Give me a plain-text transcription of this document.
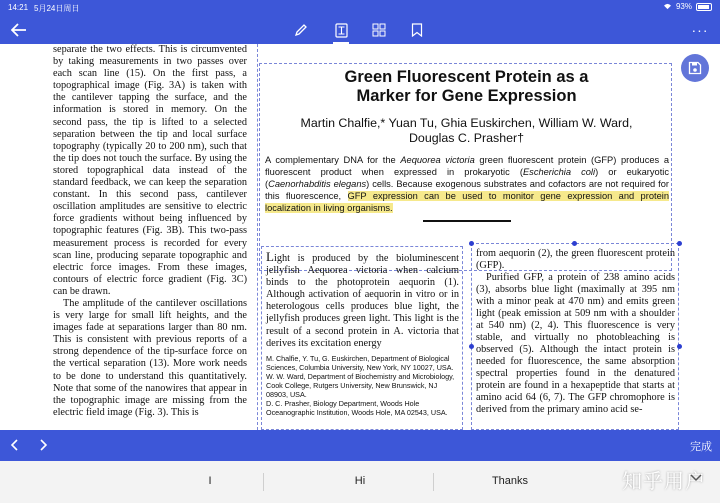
14:21 5月24日周日	93%
···

separate the two effects. This is circumvented by taking measurements in two passes over each scan line (15). On the first pass, a topographical image (Fig. 3A) is taken with the cantilever tapping the surface, and the information is stored in memory. On the second pass, the tip is lifted to a selected separation between the tip and local surface topography (typically 20 to 200 nm), such that the tip does not touch the surface. By using the stored topographical data instead of the standard feedback, we can keep the separation constant. In this second pass, cantilever oscillation amplitudes are sensitive to electric force gradients without being influenced by topographic features (Fig. 3B). This two-pass measurement process is recorded for every scan line, producing separate topographic and electric force images. From these images, contours of electric force gradient (Fig. 3C) can be drawn.

The amplitude of the cantilever oscillations is very large for small lift heights, and the images fade at separations larger than 80 nm. This is consistent with previous reports of a strong dependence of the tip-surface force on the vertical separation (13). More work needs to be done to understand this quantitatively. Note that some of the nanowires that appear in the topographic image are missing from the electric field image (Fig. 3). This is

Green Fluorescent Protein as a
Marker for Gene Expression
Martin Chalfie,* Yuan Tu, Ghia Euskirchen, William W. Ward,
Douglas C. Prasher†
A complementary DNA for the Aequorea victoria green fluorescent protein (GFP) produces a fluorescent product when expressed in prokaryotic (Escherichia coli) or eukaryotic (Caenorhabditis elegans) cells. Because exogenous substrates and cofactors are not required for this fluorescence, GFP expression can be used to monitor gene expression and protein localization in living organisms.
Light is produced by the bioluminescent jellyfish Aequorea victoria when calcium binds to the photoprotein aequorin (1). Although activation of aequorin in vitro or in heterologous cells produces blue light, the jellyfish produces green light. This light is the result of a second protein in A. victoria that derives its excitation energy

M. Chalfie, Y. Tu, G. Euskirchen, Department of Biological Sciences, Columbia University, New York, NY 10027, USA.

W. W. Ward, Department of Biochemistry and Microbiology, Cook College, Rutgers University, New Brunswick, NJ 08903, USA.

D. C. Prasher, Biology Department, Woods Hole Oceanographic Institution, Woods Hole, MA 02543, USA.

from aequorin (2), the green fluorescent protein (GFP).

Purified GFP, a protein of 238 amino acids (3), absorbs blue light (maximally at 395 nm with a minor peak at 470 nm) and emits green light (peak emission at 509 nm with a shoulder at 540 nm) (2, 4). This fluorescence is very stable, and virtually no photobleaching is observed (5). Although the intact protein is needed for fluorescence, the same absorption spectral properties found in the denatured protein are found in a hexapeptide that starts at amino acid 64 (6, 7). The GFP chromophore is derived from the primary amino acid se-

完成
I	Hi	Thanks	知乎用户
